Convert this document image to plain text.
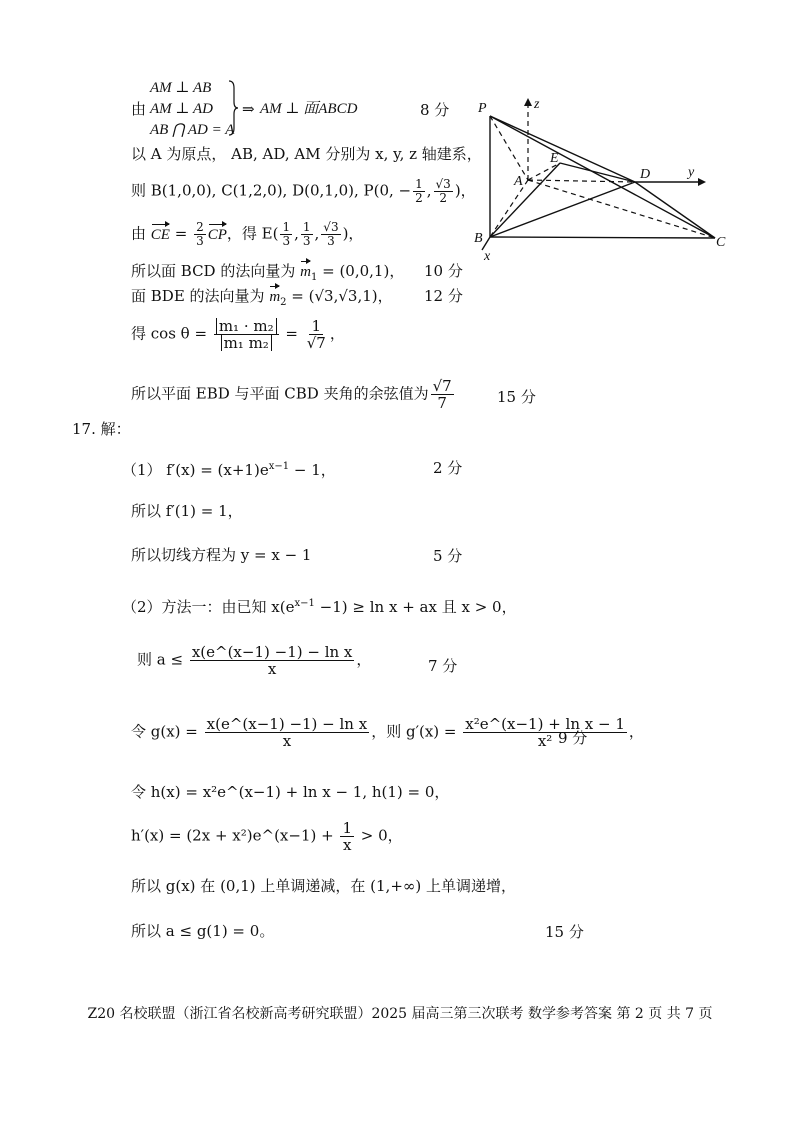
AM ⊥ AB
由 AM ⊥ AD
AB ⋂ AD = A
⇒ AM ⊥ 面ABCD	8 分
以 A 为原点， AB, AD, AM 分别为 x, y, z 轴建系，
则 B(1,0,0), C(1,2,0), D(0,1,0), P(0, − $\frac{1}{2}$ , $\frac{√3}{2}$ )，
由 CE = $\frac{2}{3}$ CP，得 $E( \frac{1}{3}$ , $\frac{1}{3}$ , $\frac{√3}{3}$ )，
所以面 BCD 的法向量为 $m_1 = (0,0,1)$， 10 分
面 BDE 的法向量为 $m_2 = (√3,√3,1)$， 12 分
得 $\cos \theta = \frac{\text{m₁ · m₂}}{\text{m₁ m₂}} = \frac{1}{√7}$ ，
所以平面 EBD 与平面 CBD 夹角的余弦值为 $\frac{√7}{7}$	15 分
P	z
E
A	D	y
B
x
C
17. 解：
（1） $f'(x) = (x+1)e^{x-1} - 1$，	2 分
所以 f′(1) = 1，
所以切线方程为 y = x − 1	5 分
（2）方法一：由已知 $x(e^{x-1} -1) \ge \ln x$ + ax 且 x > 0，
则 $a \le \frac{\text{x(e\textasciicircum{}(x−1) −1) − ln x}}{x}$ ，	7 分
令 $g(x) = \frac{\text{x(e\textasciicircum{}(x−1) −1) − ln x}}{x}$ ，则 $g'(x) = \frac{\text{x²e\textasciicircum{}(x−1) + ln x − 1}}{\text{x²}}$ ，
9 分
令 h(x) = x²e^(x−1) + ln x − 1, h(1) = 0，
h′(x) = (2x + x²)e^(x−1) + $\frac{1}{x} > 0$，
所以 g(x) 在 (0,1) 上单调递减，在 (1,+∞) 上单调递增，
所以 a ≤ g(1) = 0。	15 分
Z20 名校联盟（浙江省名校新高考研究联盟）2025 届高三第三次联考 数学参考答案 第 2 页 共 7 页
